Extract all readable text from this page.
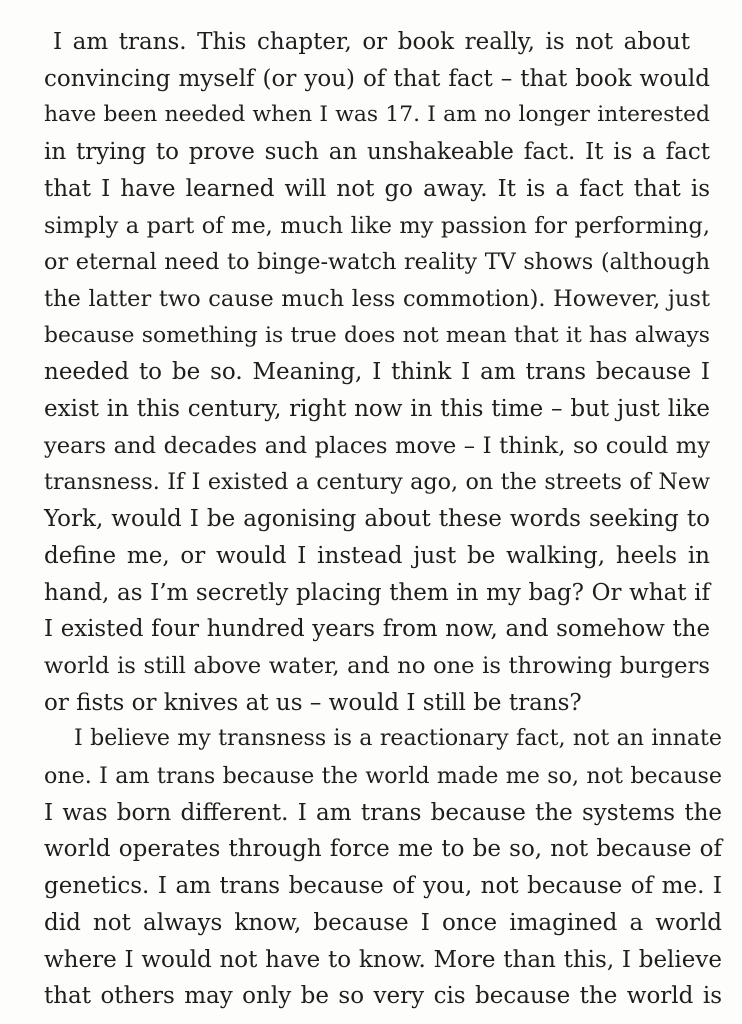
I am trans. This chapter, or book really, is not about
convincing myself (or you) of that fact – that book would
have been needed when I was 17. I am no longer interested
in trying to prove such an unshakeable fact. It is a fact
that I have learned will not go away. It is a fact that is
simply a part of me, much like my passion for performing,
or eternal need to binge-watch reality TV shows (although
the latter two cause much less commotion). However, just
because something is true does not mean that it has always
needed to be so. Meaning, I think I am trans because I
exist in this century, right now in this time – but just like
years and decades and places move – I think, so could my
transness. If I existed a century ago, on the streets of New
York, would I be agonising about these words seeking to
define me, or would I instead just be walking, heels in
hand, as I’m secretly placing them in my bag? Or what if
I existed four hundred years from now, and somehow the
world is still above water, and no one is throwing burgers
or fists or knives at us – would I still be trans?
I believe my transness is a reactionary fact, not an innate
one. I am trans because the world made me so, not because
I was born different. I am trans because the systems the
world operates through force me to be so, not because of
genetics. I am trans because of you, not because of me. I
did not always know, because I once imagined a world
where I would not have to know. More than this, I believe
that others may only be so very cis because the world is
